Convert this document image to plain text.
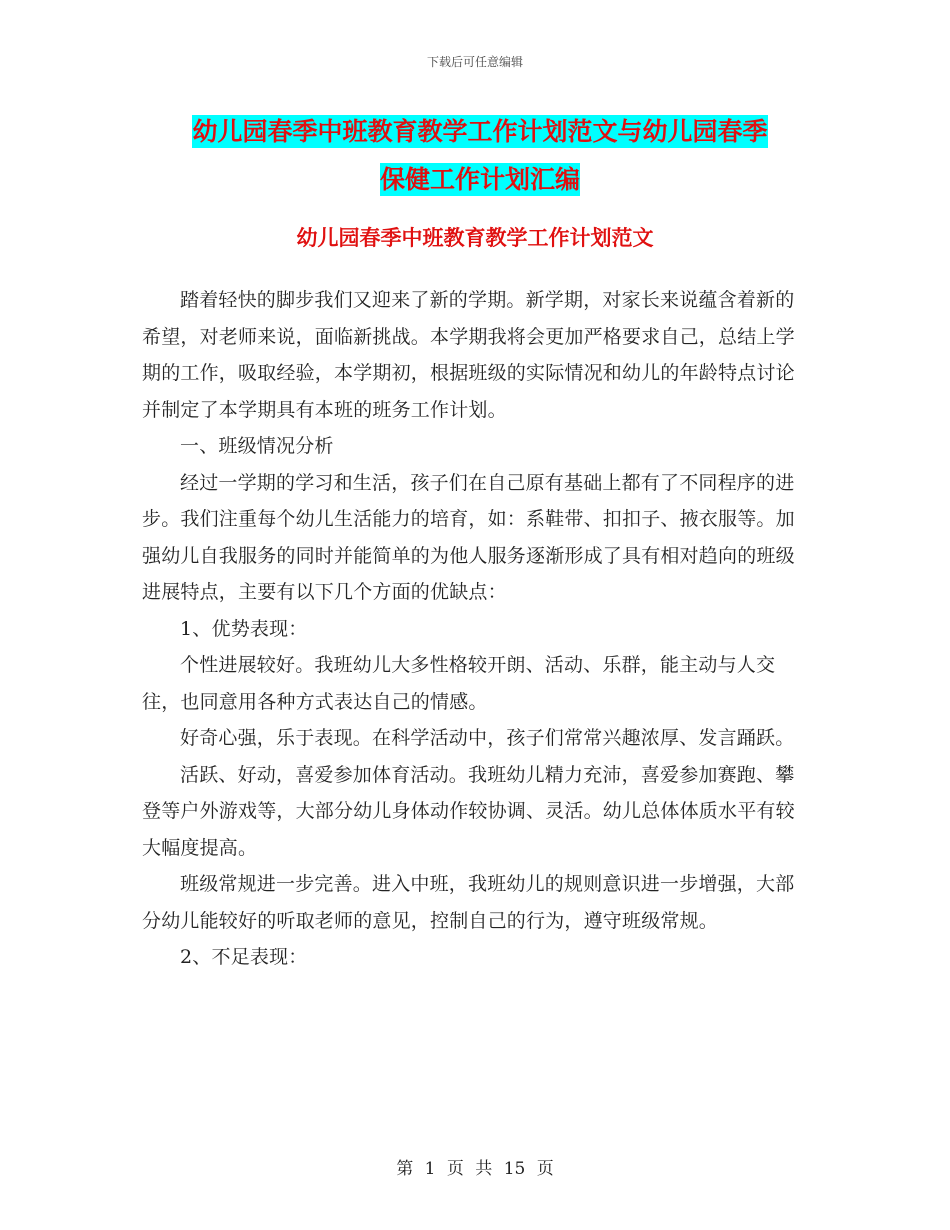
下载后可任意编辑
幼儿园春季中班教育教学工作计划范文与幼儿园春季
保健工作计划汇编
幼儿园春季中班教育教学工作计划范文

踏着轻快的脚步我们又迎来了新的学期。新学期，对家长来说蕴含着新的希望，对老师来说，面临新挑战。本学期我将会更加严格要求自己，总结上学期的工作，吸取经验，本学期初，根据班级的实际情况和幼儿的年龄特点讨论并制定了本学期具有本班的班务工作计划。

一、班级情况分析

经过一学期的学习和生活，孩子们在自己原有基础上都有了不同程序的进步。我们注重每个幼儿生活能力的培育，如：系鞋带、扣扣子、掖衣服等。加强幼儿自我服务的同时并能简单的为他人服务逐渐形成了具有相对趋向的班级进展特点，主要有以下几个方面的优缺点：

1、优势表现：

个性进展较好。我班幼儿大多性格较开朗、活动、乐群，能主动与人交往，也同意用各种方式表达自己的情感。

好奇心强，乐于表现。在科学活动中，孩子们常常兴趣浓厚、发言踊跃。

活跃、好动，喜爱参加体育活动。我班幼儿精力充沛，喜爱参加赛跑、攀登等户外游戏等，大部分幼儿身体动作较协调、灵活。幼儿总体体质水平有较大幅度提高。

班级常规进一步完善。进入中班，我班幼儿的规则意识进一步增强，大部分幼儿能较好的听取老师的意见，控制自己的行为，遵守班级常规。

2、不足表现：

第 1 页 共 15 页
